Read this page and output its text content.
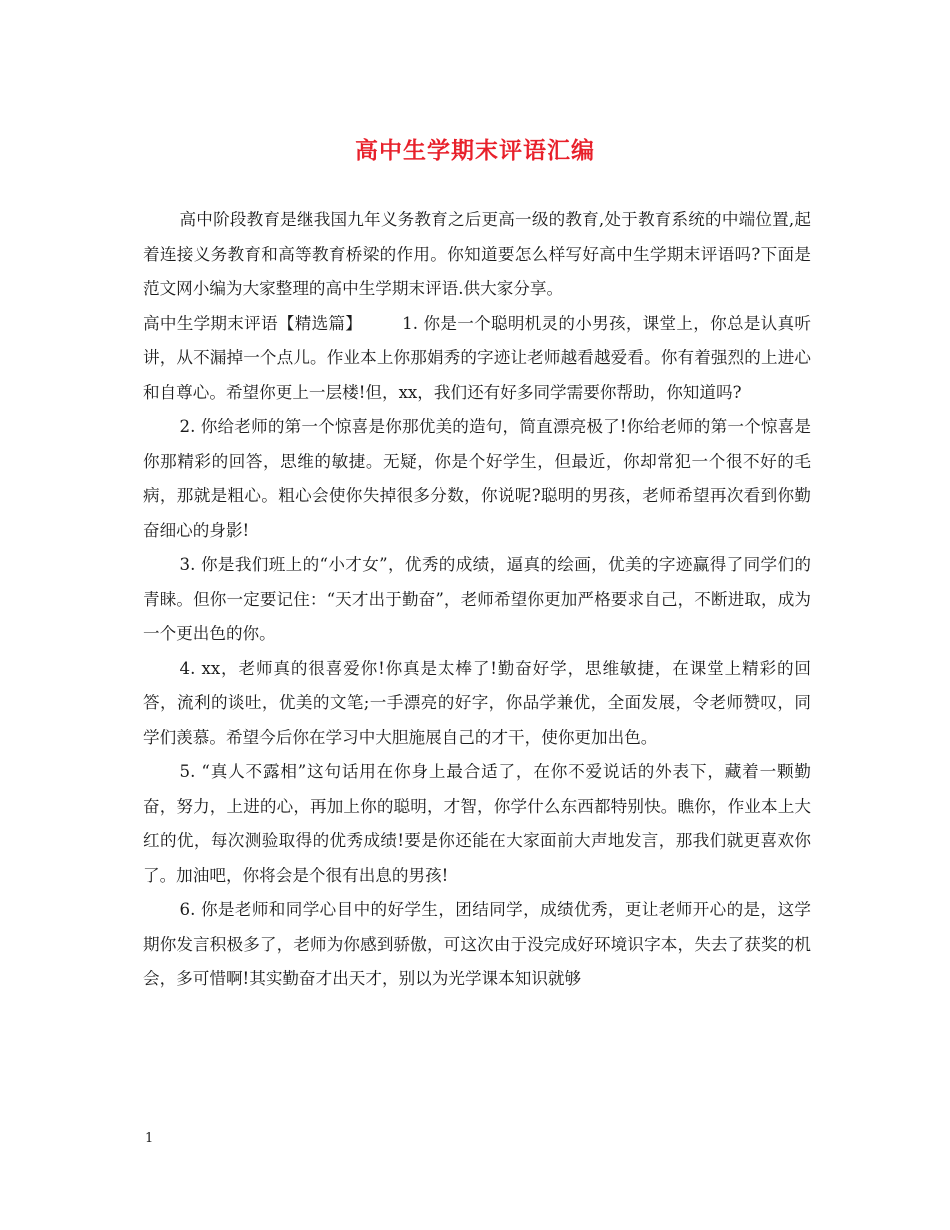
高中生学期末评语汇编

高中阶段教育是继我国九年义务教育之后更高一级的教育,处于教育系统的中端位置,起着连接义务教育和高等教育桥梁的作用。你知道要怎么样写好高中生学期末评语吗?下面是范文网小编为大家整理的高中生学期末评语.供大家分享。

高中生学期末评语【精选篇】 1. 你是一个聪明机灵的小男孩，课堂上，你总是认真听讲，从不漏掉一个点儿。作业本上你那娟秀的字迹让老师越看越爱看。你有着强烈的上进心和自尊心。希望你更上一层楼!但，xx，我们还有好多同学需要你帮助，你知道吗?

2. 你给老师的第一个惊喜是你那优美的造句，简直漂亮极了!你给老师的第一个惊喜是你那精彩的回答，思维的敏捷。无疑，你是个好学生，但最近，你却常犯一个很不好的毛病，那就是粗心。粗心会使你失掉很多分数，你说呢?聪明的男孩，老师希望再次看到你勤奋细心的身影!

3. 你是我们班上的“小才女”，优秀的成绩，逼真的绘画，优美的字迹赢得了同学们的青睐。但你一定要记住：“天才出于勤奋”，老师希望你更加严格要求自己，不断进取，成为一个更出色的你。

4. xx，老师真的很喜爱你!你真是太棒了!勤奋好学，思维敏捷，在课堂上精彩的回答，流利的谈吐，优美的文笔;一手漂亮的好字，你品学兼优，全面发展，令老师赞叹，同学们羡慕。希望今后你在学习中大胆施展自己的才干，使你更加出色。

5. “真人不露相”这句话用在你身上最合适了，在你不爱说话的外表下，藏着一颗勤奋，努力，上进的心，再加上你的聪明，才智，你学什么东西都特别快。瞧你，作业本上大红的优，每次测验取得的优秀成绩!要是你还能在大家面前大声地发言，那我们就更喜欢你了。加油吧，你将会是个很有出息的男孩!

6. 你是老师和同学心目中的好学生，团结同学，成绩优秀，更让老师开心的是，这学期你发言积极多了，老师为你感到骄傲，可这次由于没完成好环境识字本，失去了获奖的机会，多可惜啊!其实勤奋才出天才，别以为光学课本知识就够

1
